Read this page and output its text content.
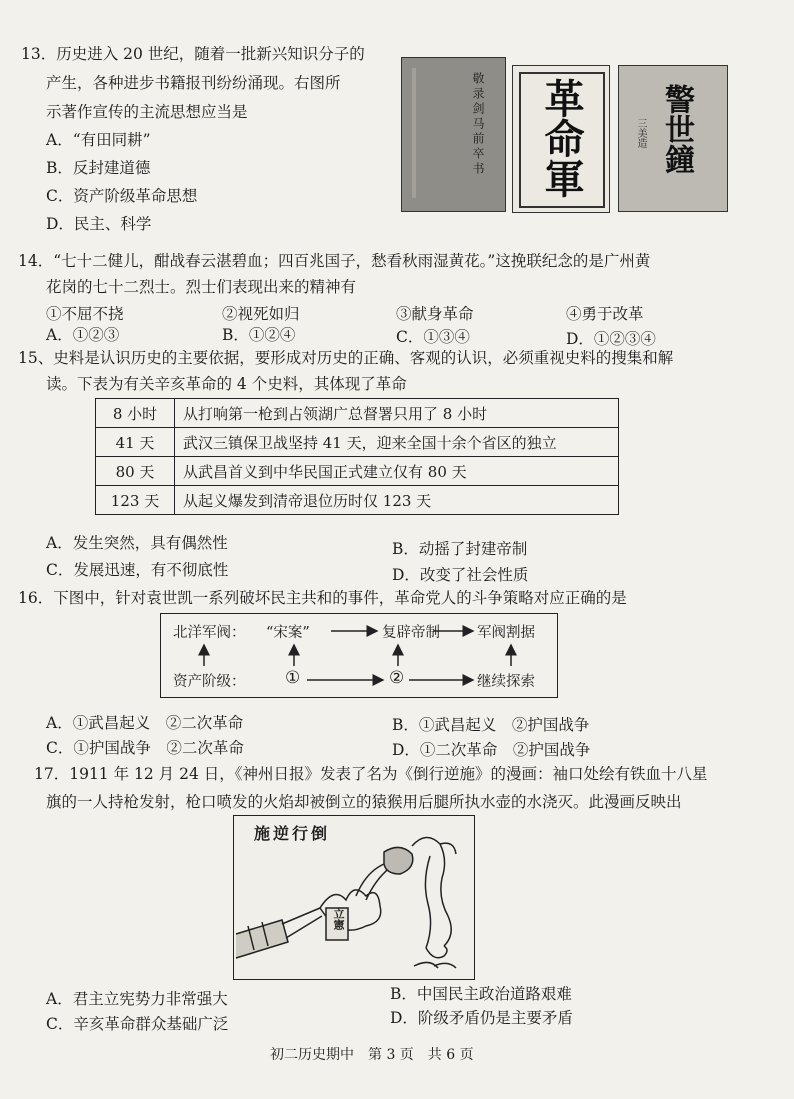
13．历史进入 20 世纪，随着一批新兴知识分子的
产生，各种进步书籍报刊纷纷涌现。右图所
示著作宣传的主流思想应当是
A．“有田同耕”
B．反封建道德
C．资产阶级革命思想
D．民主、科学
敬录剑马前卒书 革命軍 警世鐘
三美造
14．“七十二健儿，酣战春云湛碧血；四百兆国子，愁看秋雨湿黄花。”这挽联纪念的是广州黄
花岗的七十二烈士。烈士们表现出来的精神有
①不屈不挠	②视死如归	③献身革命	④勇于改革
A．①②③	B．①②④	C．①③④	D．①②③④
15、史料是认识历史的主要依据，要形成对历史的正确、客观的认识，必须重视史料的搜集和解
读。下表为有关辛亥革命的 4 个史料，其体现了革命
8 小时	从打响第一枪到占领湖广总督署只用了 8 小时
41 天	武汉三镇保卫战坚持 41 天，迎来全国十余个省区的独立
80 天	从武昌首义到中华民国正式建立仅有 80 天
123 天	从起义爆发到清帝退位历时仅 123 天
A．发生突然，具有偶然性	B．动摇了封建帝制
C．发展迅速，有不彻底性	D．改变了社会性质
16．下图中，针对袁世凯一系列破坏民主共和的事件，革命党人的斗争策略对应正确的是
北洋军阀： “宋案”	复辟帝制	军阀割据
资产阶级： ①	②	继续探索
A．①武昌起义　②二次革命	B．①武昌起义　②护国战争
C．①护国战争　②二次革命	D．①二次革命　②护国战争
17．1911 年 12 月 24 日，《神州日报》发表了名为《倒行逆施》的漫画：袖口处绘有铁血十八星
旗的一人持枪发射，枪口喷发的火焰却被倒立的猿猴用后腿所执水壶的水浇灭。此漫画反映出
施逆行倒
立憲
A．君主立宪势力非常强大	B．中国民主政治道路艰难
C．辛亥革命群众基础广泛	D．阶级矛盾仍是主要矛盾
初二历史期中　第 3 页　共 6 页
